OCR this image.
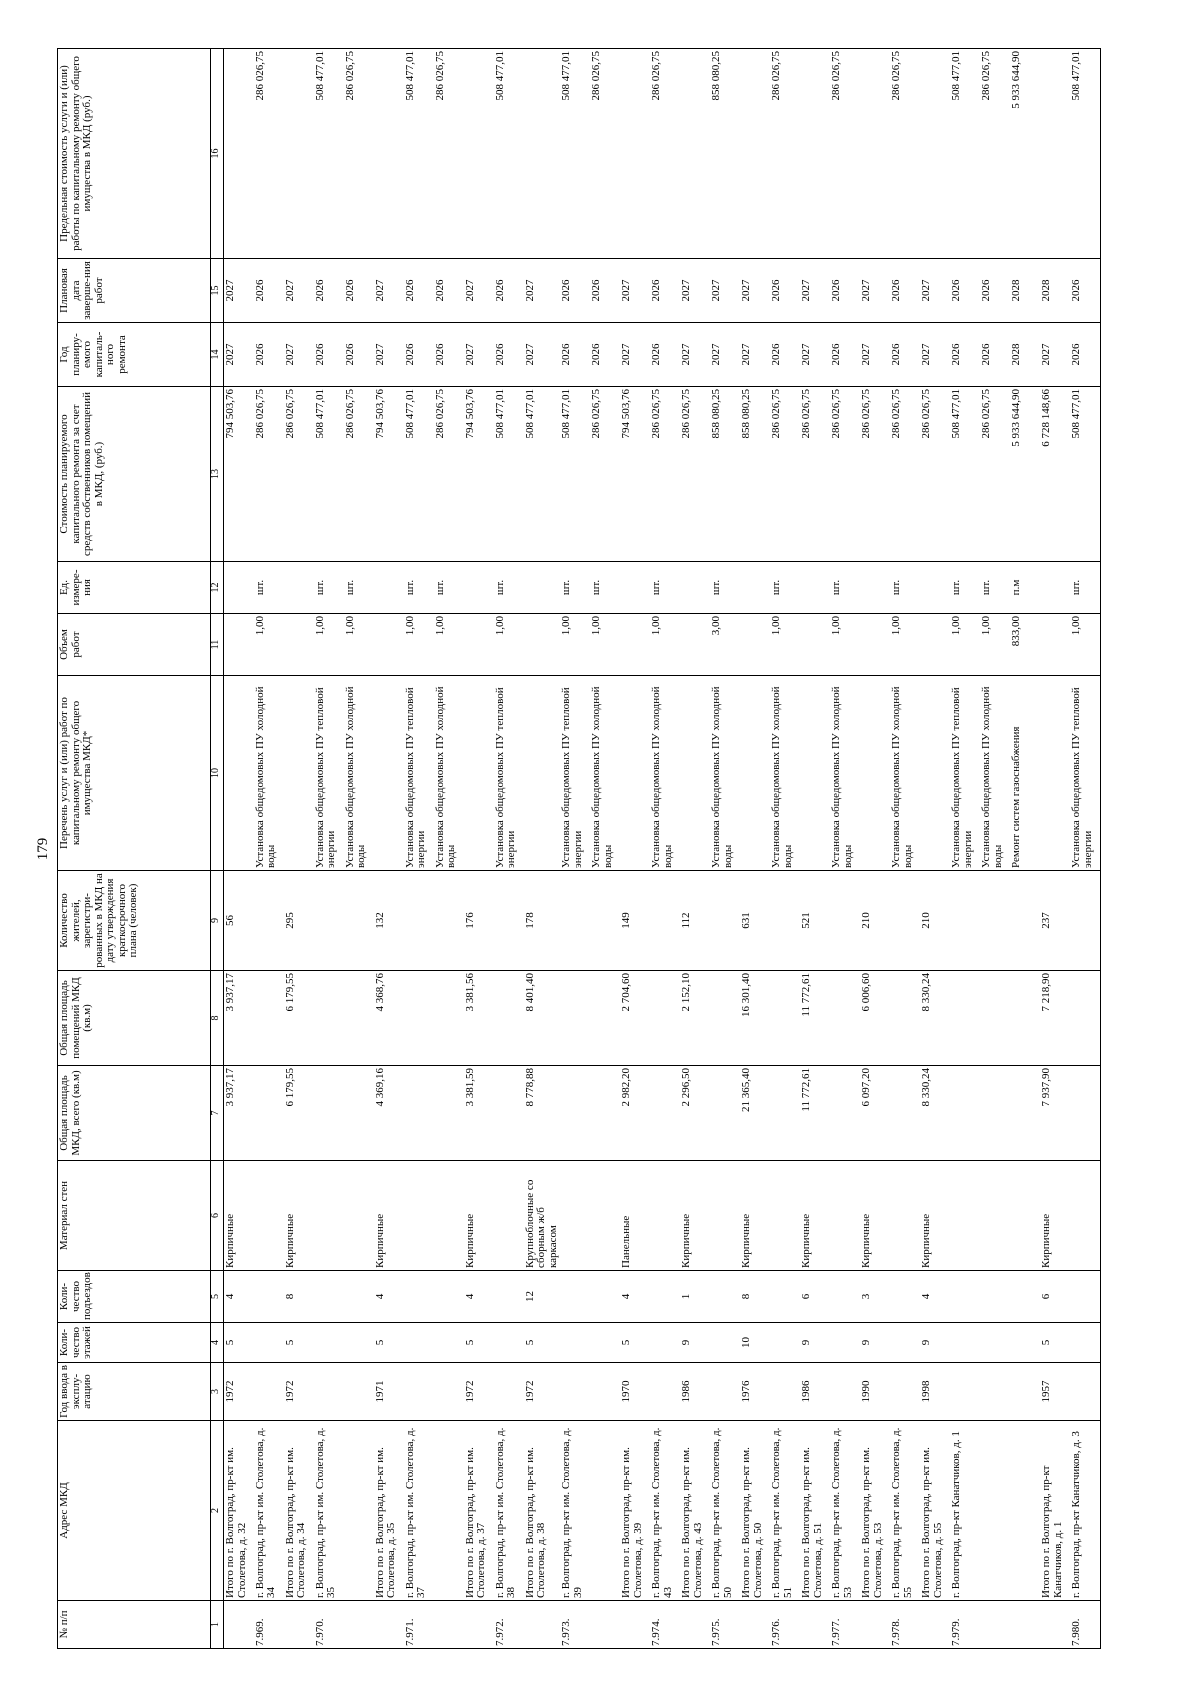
179
№ п/п	Адрес МКД	Год ввода в эксплу-атацию	Коли-чество этажей	Коли-чество подъездов	Материал стен	Общая площадь МКД, всего (кв.м)	Общая площадь помещений МКД (кв.м)	Количество жителей, зарегистри-рованных в МКД на дату утверждения краткосрочного плана (человек)	Перечень услуг и (или) работ по капитальному ремонту общего имущества МКД*	Объем работ	Ед. измере-ния	Стоимость планируемого капитального ремонта за счет средств собственников помещений в МКД, (руб.)	Год планиру-емого капиталь-ного ремонта	Плановая дата заверше-ния работ	Предельная стоимость услуги и (или) работы по капитальному ремонту общего имущества в МКД (руб.)
1	2	3	4	5	6	7	8	9	10	11	12	13	14	15	16
	Итого по г. Волгоград, пр-кт им. Столетова, д. 32	1972	5	4	Кирпичные	3 937,17	3 937,17	56				794 503,76	2027	2027	
7.969.	г. Волгоград, пр-кт им. Столетова, д. 34								Установка общедомовых ПУ холодной воды	1,00	шт.	286 026,75	2026	2026	286 026,75
	Итого по г. Волгоград, пр-кт им. Столетова, д. 34	1972	5	8	Кирпичные	6 179,55	6 179,55	295				286 026,75	2027	2027	
7.970.	г. Волгоград, пр-кт им. Столетова, д. 35								Установка общедомовых ПУ тепловой энергии	1,00	шт.	508 477,01	2026	2026	508 477,01
									Установка общедомовых ПУ холодной воды	1,00	шт.	286 026,75	2026	2026	286 026,75
	Итого по г. Волгоград, пр-кт им. Столетова, д. 35	1971	5	4	Кирпичные	4 369,16	4 368,76	132				794 503,76	2027	2027	
7.971.	г. Волгоград, пр-кт им. Столетова, д. 37								Установка общедомовых ПУ тепловой энергии	1,00	шт.	508 477,01	2026	2026	508 477,01
									Установка общедомовых ПУ холодной воды	1,00	шт.	286 026,75	2026	2026	286 026,75
	Итого по г. Волгоград, пр-кт им. Столетова, д. 37	1972	5	4	Кирпичные	3 381,59	3 381,56	176				794 503,76	2027	2027	
7.972.	г. Волгоград, пр-кт им. Столетова, д. 38								Установка общедомовых ПУ тепловой энергии	1,00	шт.	508 477,01	2026	2026	508 477,01
	Итого по г. Волгоград, пр-кт им. Столетова, д. 38	1972	5	12	Крупноблочные со сборным ж/б каркасом	8 778,88	8 401,40	178				508 477,01	2027	2027	
7.973.	г. Волгоград, пр-кт им. Столетова, д. 39								Установка общедомовых ПУ тепловой энергии	1,00	шт.	508 477,01	2026	2026	508 477,01
									Установка общедомовых ПУ холодной воды	1,00	шт.	286 026,75	2026	2026	286 026,75
	Итого по г. Волгоград, пр-кт им. Столетова, д. 39	1970	5	4	Панельные	2 982,20	2 704,60	149				794 503,76	2027	2027	
7.974.	г. Волгоград, пр-кт им. Столетова, д. 43								Установка общедомовых ПУ холодной воды	1,00	шт.	286 026,75	2026	2026	286 026,75
	Итого по г. Волгоград, пр-кт им. Столетова, д. 43	1986	9	1	Кирпичные	2 296,50	2 152,10	112				286 026,75	2027	2027	
7.975.	г. Волгоград, пр-кт им. Столетова, д. 50								Установка общедомовых ПУ холодной воды	3,00	шт.	858 080,25	2027	2027	858 080,25
	Итого по г. Волгоград, пр-кт им. Столетова, д. 50	1976	10	8	Кирпичные	21 365,40	16 301,40	631				858 080,25	2027	2027	
7.976.	г. Волгоград, пр-кт им. Столетова, д. 51								Установка общедомовых ПУ холодной воды	1,00	шт.	286 026,75	2026	2026	286 026,75
	Итого по г. Волгоград, пр-кт им. Столетова, д. 51	1986	9	6	Кирпичные	11 772,61	11 772,61	521				286 026,75	2027	2027	
7.977.	г. Волгоград, пр-кт им. Столетова, д. 53								Установка общедомовых ПУ холодной воды	1,00	шт.	286 026,75	2026	2026	286 026,75
	Итого по г. Волгоград, пр-кт им. Столетова, д. 53	1990	9	3	Кирпичные	6 097,20	6 006,60	210				286 026,75	2027	2027	
7.978.	г. Волгоград, пр-кт им. Столетова, д. 55								Установка общедомовых ПУ холодной воды	1,00	шт.	286 026,75	2026	2026	286 026,75
	Итого по г. Волгоград, пр-кт им. Столетова, д. 55	1998	9	4	Кирпичные	8 330,24	8 330,24	210				286 026,75	2027	2027	
7.979.	г. Волгоград, пр-кт Канатчиков, д. 1								Установка общедомовых ПУ тепловой энергии	1,00	шт.	508 477,01	2026	2026	508 477,01
									Установка общедомовых ПУ холодной воды	1,00	шт.	286 026,75	2026	2026	286 026,75
									Ремонт систем газоснабжения	833,00	п.м	5 933 644,90	2028	2028	5 933 644,90
	Итого по г. Волгоград, пр-кт Канатчиков, д. 1	1957	5	6	Кирпичные	7 937,90	7 218,90	237				6 728 148,66	2027	2028	
7.980.	г. Волгоград, пр-кт Канатчиков, д. 3								Установка общедомовых ПУ тепловой энергии	1,00	шт.	508 477,01	2026	2026	508 477,01
